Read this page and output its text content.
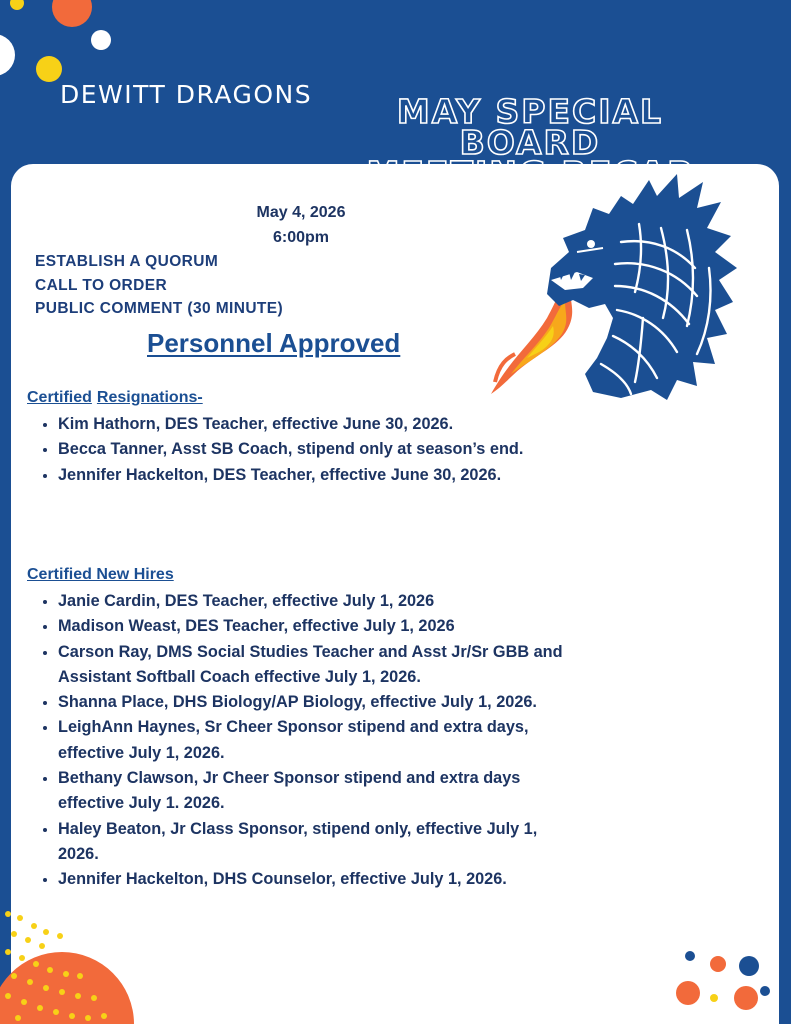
DEWITT DRAGONS	MAY SPECIAL BOARD
May 4, 2026
6:00pm
ESTABLISH A QUORUM
CALL TO ORDER
PUBLIC COMMENT (30 MINUTE)
Personnel Approved
Certified Resignations-
• Kim Hathorn, DES Teacher, effective June 30, 2026.
• Becca Tanner, Asst SB Coach, stipend only at season’s end.
• Jennifer Hackelton, DES Teacher, effective June 30, 2026.
Certified New Hires
• Janie Cardin, DES Teacher, effective July 1, 2026
• Madison Weast, DES Teacher, effective July 1, 2026
• Carson Ray, DMS Social Studies Teacher and Asst Jr/Sr GBB and Assistant Softball Coach effective July 1, 2026.
• Shanna Place, DHS Biology/AP Biology, effective July 1, 2026.
• LeighAnn Haynes, Sr Cheer Sponsor stipend and extra days, effective July 1, 2026.
• Bethany Clawson, Jr Cheer Sponsor stipend and extra days effective July 1. 2026.
• Haley Beaton, Jr Class Sponsor, stipend only, effective July 1, 2026.
• Jennifer Hackelton, DHS Counselor, effective July 1, 2026.
